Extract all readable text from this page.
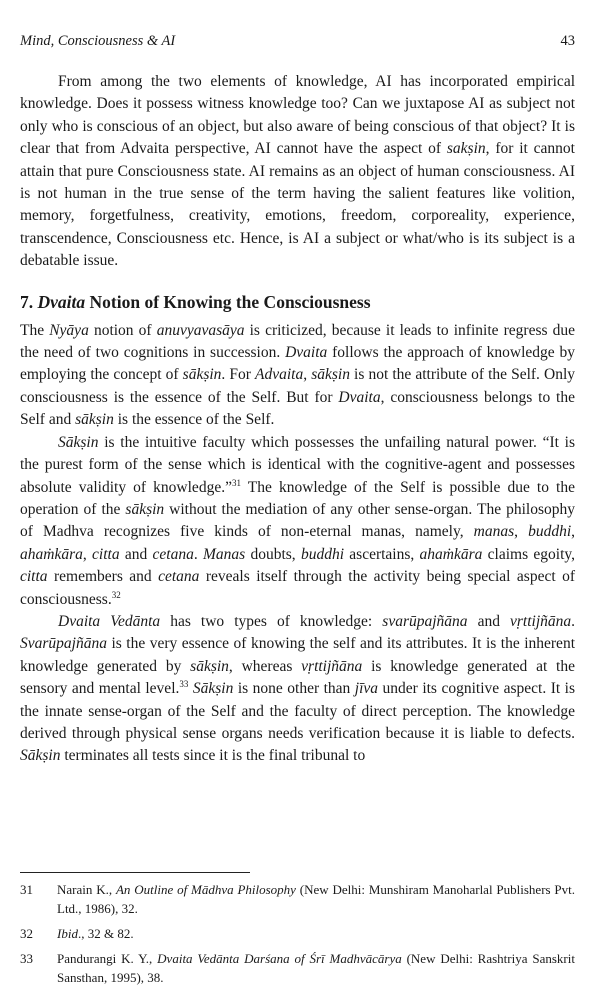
Mind, Consciousness & AI	43

From among the two elements of knowledge, AI has incorporated empirical knowledge. Does it possess witness knowledge too? Can we juxtapose AI as subject not only who is conscious of an object, but also aware of being conscious of that object? It is clear that from Advaita perspective, AI cannot have the aspect of sakṣin, for it cannot attain that pure Consciousness state. AI remains as an object of human consciousness. AI is not human in the true sense of the term having the salient features like volition, memory, forgetfulness, creativity, emotions, freedom, corporeality, experience, transcendence, Consciousness etc. Hence, is AI a subject or what/who is its subject is a debatable issue.

7. Dvaita Notion of Knowing the Consciousness

The Nyāya notion of anuvyavasāya is criticized, because it leads to infinite regress due the need of two cognitions in succession. Dvaita follows the approach of knowledge by employing the concept of sākṣin. For Advaita, sākṣin is not the attribute of the Self. Only consciousness is the essence of the Self. But for Dvaita, consciousness belongs to the Self and sākṣin is the essence of the Self.

Sākṣin is the intuitive faculty which possesses the unfailing natural power. “It is the purest form of the sense which is identical with the cognitive-agent and possesses absolute validity of knowledge.”$^{31}$ The knowledge of the Self is possible due to the operation of the sākṣin without the mediation of any other sense-organ. The philosophy of Madhva recognizes five kinds of non-eternal manas, namely, manas, buddhi, ahaṁkāra, citta and cetana. Manas doubts, buddhi ascertains, ahaṁkāra claims egoity, citta remembers and cetana reveals itself through the activity being special aspect of consciousness.$^{32}$

Dvaita Vedānta has two types of knowledge: svarūpajñāna and vṛttijñāna. Svarūpajñāna is the very essence of knowing the self and its attributes. It is the inherent knowledge generated by sākṣin, whereas vṛttijñāna is knowledge generated at the sensory and mental level.$^{33}$ Sākṣin is none other than jīva under its cognitive aspect. It is the innate sense-organ of the Self and the faculty of direct perception. The knowledge derived through physical sense organs needs verification because it is liable to defects. Sākṣin terminates all tests since it is the final tribunal to

31	Narain K., An Outline of Mādhva Philosophy (New Delhi: Munshiram Manoharlal Publishers Pvt. Ltd., 1986), 32.
32	Ibid., 32 & 82.
33	Pandurangi K. Y., Dvaita Vedānta Darśana of Śrī Madhvācārya (New Delhi: Rashtriya Sanskrit Sansthan, 1995), 38.
